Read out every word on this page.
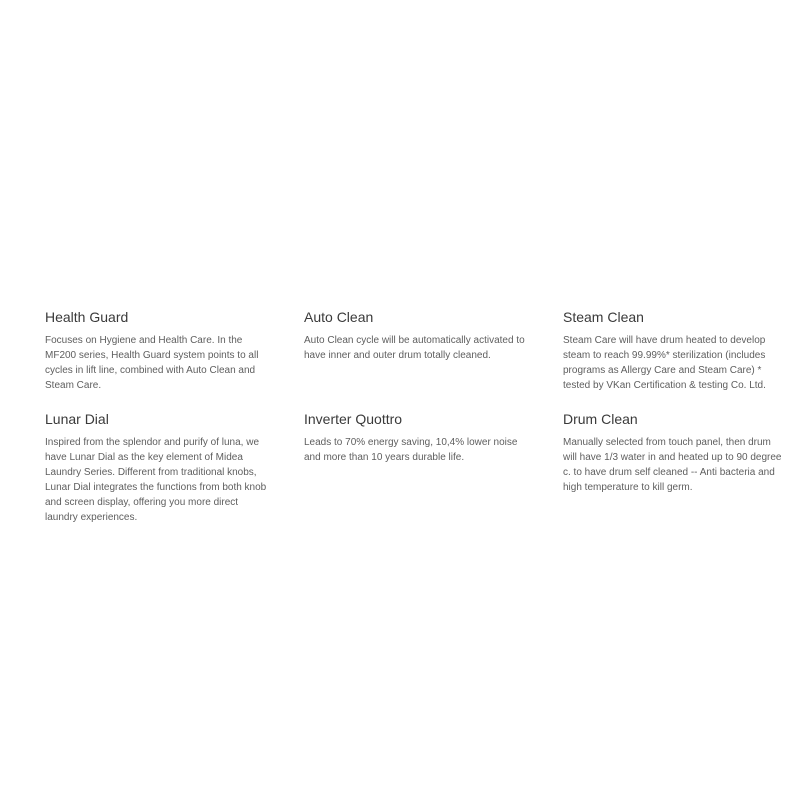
Health Guard

Focuses on Hygiene and Health Care. In the MF200 series, Health Guard system points to all cycles in lift line, combined with Auto Clean and Steam Care.

Auto Clean

Auto Clean cycle will be automatically activated to have inner and outer drum totally cleaned.

Steam Clean

Steam Care will have drum heated to develop steam to reach 99.99%* sterilization (includes programs as Allergy Care and Steam Care) * tested by VKan Certification & testing Co. Ltd.

Lunar Dial

Inspired from the splendor and purify of luna, we have Lunar Dial as the key element of Midea Laundry Series. Different from traditional knobs, Lunar Dial integrates the functions from both knob and screen display, offering you more direct laundry experiences.

Inverter Quottro

Leads to 70% energy saving, 10,4% lower noise and more than 10 years durable life.

Drum Clean

Manually selected from touch panel, then drum will have 1/3 water in and heated up to 90 degree c. to have drum self cleaned -- Anti bacteria and high temperature to kill germ.
